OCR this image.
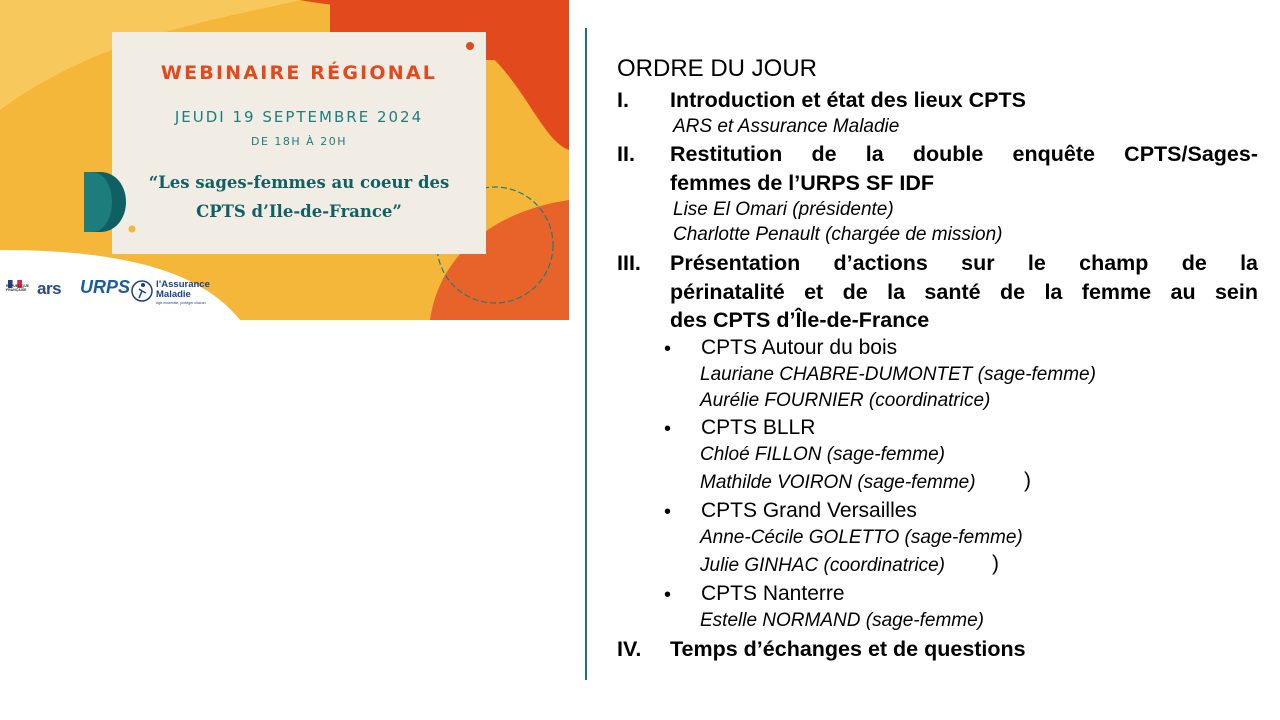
WEBINAIRE RÉGIONAL
JEUDI 19 SEPTEMBRE 2024
DE 18H À 20H
“Les sages-femmes au coeur des
CPTS d’Ile-de-France”
RÉPUBLIQUE FRANÇAISE ars URPS	l’Assurance Maladie
Agir ensemble, protéger chacun
ORDRE DU JOUR
I. Introduction et état des lieux CPTS
ARS et Assurance Maladie
II. Restitution de la double enquête CPTS/Sages-
femmes de l’URPS SF IDF
Lise El Omari (présidente)
Charlotte Penault (chargée de mission)
III. Présentation d’actions sur le champ de la
périnatalité et de la santé de la femme au sein
des CPTS d’Île-de-France
• CPTS Autour du bois
Lauriane CHABRE-DUMONTET (sage-femme)
Aurélie FOURNIER (coordinatrice)
• CPTS BLLR
Chloé FILLON (sage-femme)
Mathilde VOIRON (sage-femme) )
• CPTS Grand Versailles
Anne-Cécile GOLETTO (sage-femme)
Julie GINHAC (coordinatrice) )
• CPTS Nanterre
Estelle NORMAND (sage-femme)
IV. Temps d’échanges et de questions
